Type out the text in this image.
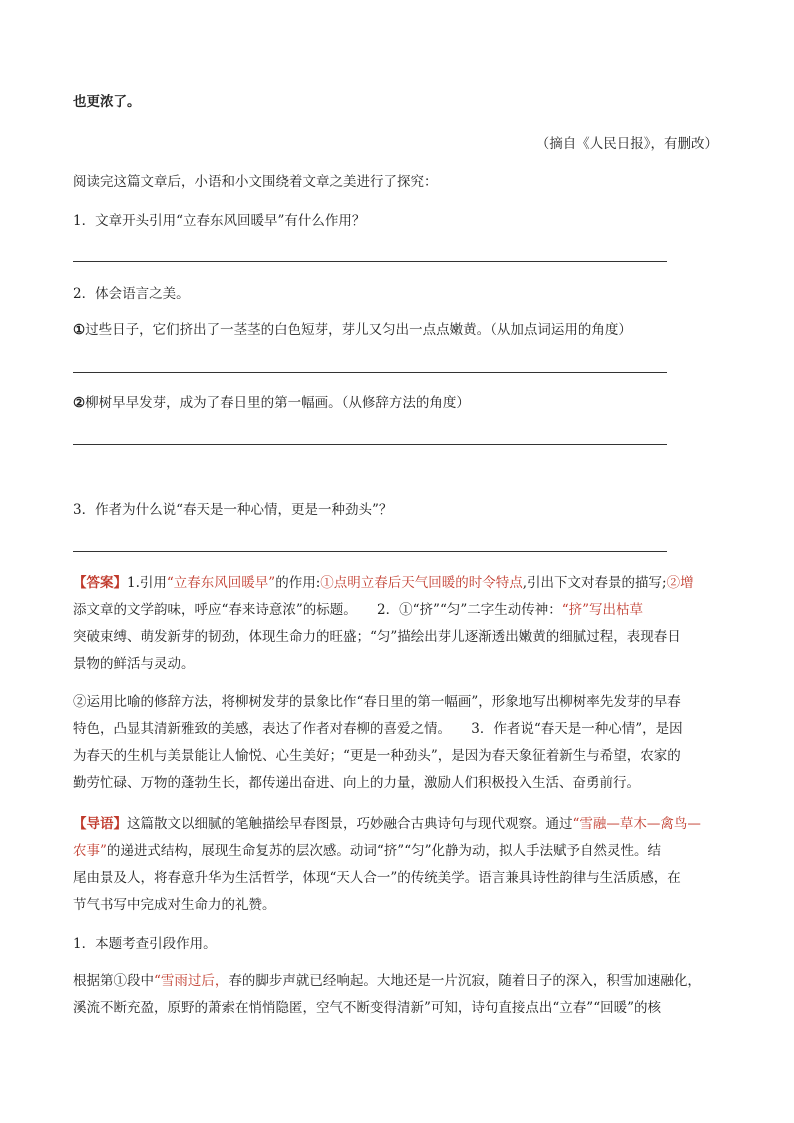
也更浓了。
（摘自《人民日报》，有删改）
阅读完这篇文章后，小语和小文围绕着文章之美进行了探究：
1．文章开头引用“立春东风回暖早”有什么作用？
2．体会语言之美。
①过些日子，它们挤出了一茎茎的白色短芽，芽儿又匀出一点点嫩黄。（从加点词运用的角度）
②柳树早早发芽，成为了春日里的第一幅画。（从修辞方法的角度）
3．作者为什么说“春天是一种心情，更是一种劲头”？
【答案】1.引用“立春东风回暖早”的作用:①点明立春后天气回暖的时令特点,引出下文对春景的描写;②增
添文章的文学韵味，呼应“春来诗意浓”的标题。　　2．①“挤”“匀”二字生动传神：“挤”写出枯草
突破束缚、萌发新芽的韧劲，体现生命力的旺盛；“匀”描绘出芽儿逐渐透出嫩黄的细腻过程，表现春日
景物的鲜活与灵动。
②运用比喻的修辞方法，将柳树发芽的景象比作“春日里的第一幅画”，形象地写出柳树率先发芽的早春
特色，凸显其清新雅致的美感，表达了作者对春柳的喜爱之情。　　3．作者说“春天是一种心情”，是因
为春天的生机与美景能让人愉悦、心生美好；“更是一种劲头”，是因为春天象征着新生与希望，农家的
勤劳忙碌、万物的蓬勃生长，都传递出奋进、向上的力量，激励人们积极投入生活、奋勇前行。
【导语】这篇散文以细腻的笔触描绘早春图景，巧妙融合古典诗句与现代观察。通过“雪融—草木—禽鸟—
农事”的递进式结构，展现生命复苏的层次感。动词“挤”“匀”化静为动，拟人手法赋予自然灵性。结
尾由景及人，将春意升华为生活哲学，体现“天人合一”的传统美学。语言兼具诗性韵律与生活质感，在
节气书写中完成对生命力的礼赞。
1．本题考查引段作用。
根据第①段中“雪雨过后，春的脚步声就已经响起。大地还是一片沉寂，随着日子的深入，积雪加速融化，
溪流不断充盈，原野的萧索在悄悄隐匿，空气不断变得清新”可知，诗句直接点出“立春”“回暖”的核
